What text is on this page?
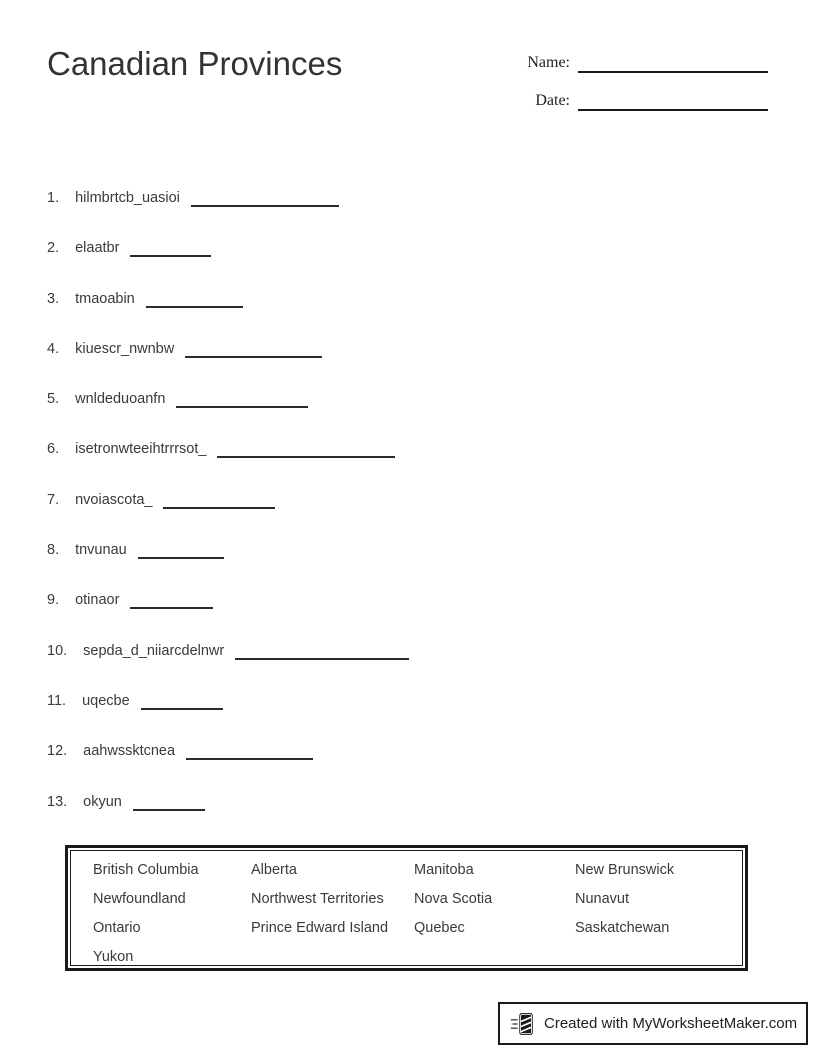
Canadian Provinces	Name:
Date:
1. hilmbrtcb_uasioi
2. elaatbr
3. tmaoabin
4. kiuescr_nwnbw
5. wnldeduoanfn
6. isetronwteeihtrrrsot_
7. nvoiascota_
8. tnvunau
9. otinaor
10. sepda_d_niiarcdelnwr
11. uqecbe
12. aahwssktcnea
13. okyun
British Columbia
Newfoundland
Ontario
Yukon
Alberta
Northwest Territories
Prince Edward Island
Manitoba
Nova Scotia
Quebec
New Brunswick
Nunavut
Saskatchewan
Created with MyWorksheetMaker.com
